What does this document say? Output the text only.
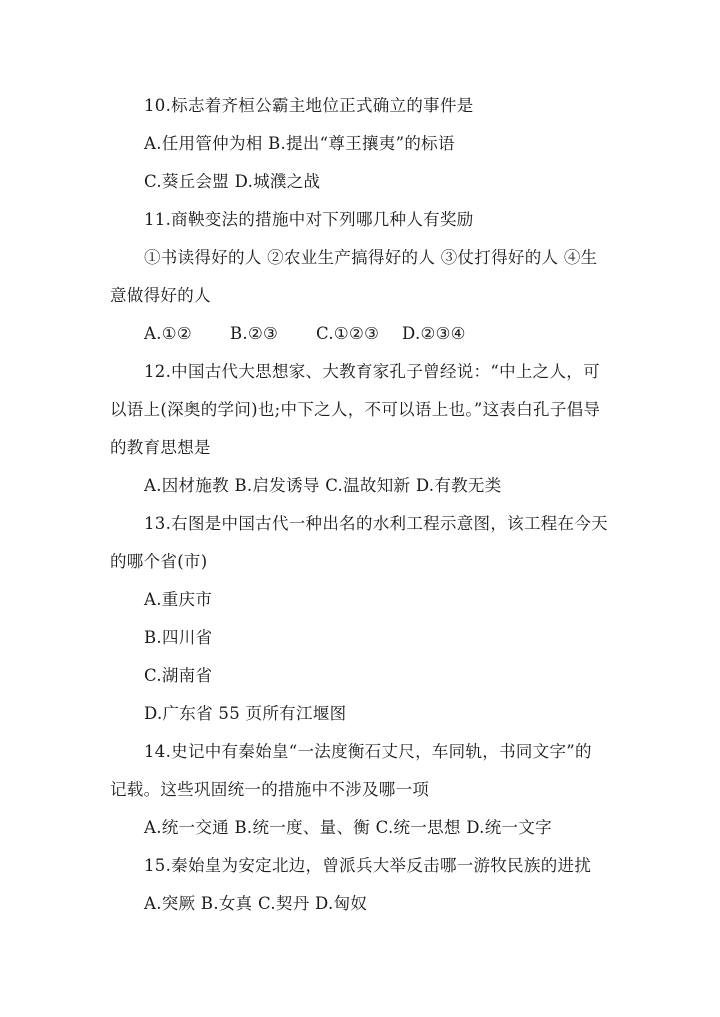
10.标志着齐桓公霸主地位正式确立的事件是
A.任用管仲为相 B.提出“尊王攘夷”的标语
C.葵丘会盟 D.城濮之战
11.商鞅变法的措施中对下列哪几种人有奖励
①书读得好的人 ②农业生产搞得好的人 ③仗打得好的人 ④生
意做得好的人
A.①② B.②③ C.①②③ D.②③④
12.中国古代大思想家、大教育家孔子曾经说：“中上之人，可
以语上(深奥的学问)也;中下之人，不可以语上也。”这表白孔子倡导
的教育思想是
A.因材施教 B.启发诱导 C.温故知新 D.有教无类
13.右图是中国古代一种出名的水利工程示意图，该工程在今天
的哪个省(市)
A.重庆市
B.四川省
C.湖南省
D.广东省 55 页所有江堰图
14.史记中有秦始皇“一法度衡石丈尺，车同轨，书同文字”的
记载。这些巩固统一的措施中不涉及哪一项
A.统一交通 B.统一度、量、衡 C.统一思想 D.统一文字
15.秦始皇为安定北边，曾派兵大举反击哪一游牧民族的进扰
A.突厥 B.女真 C.契丹 D.匈奴
